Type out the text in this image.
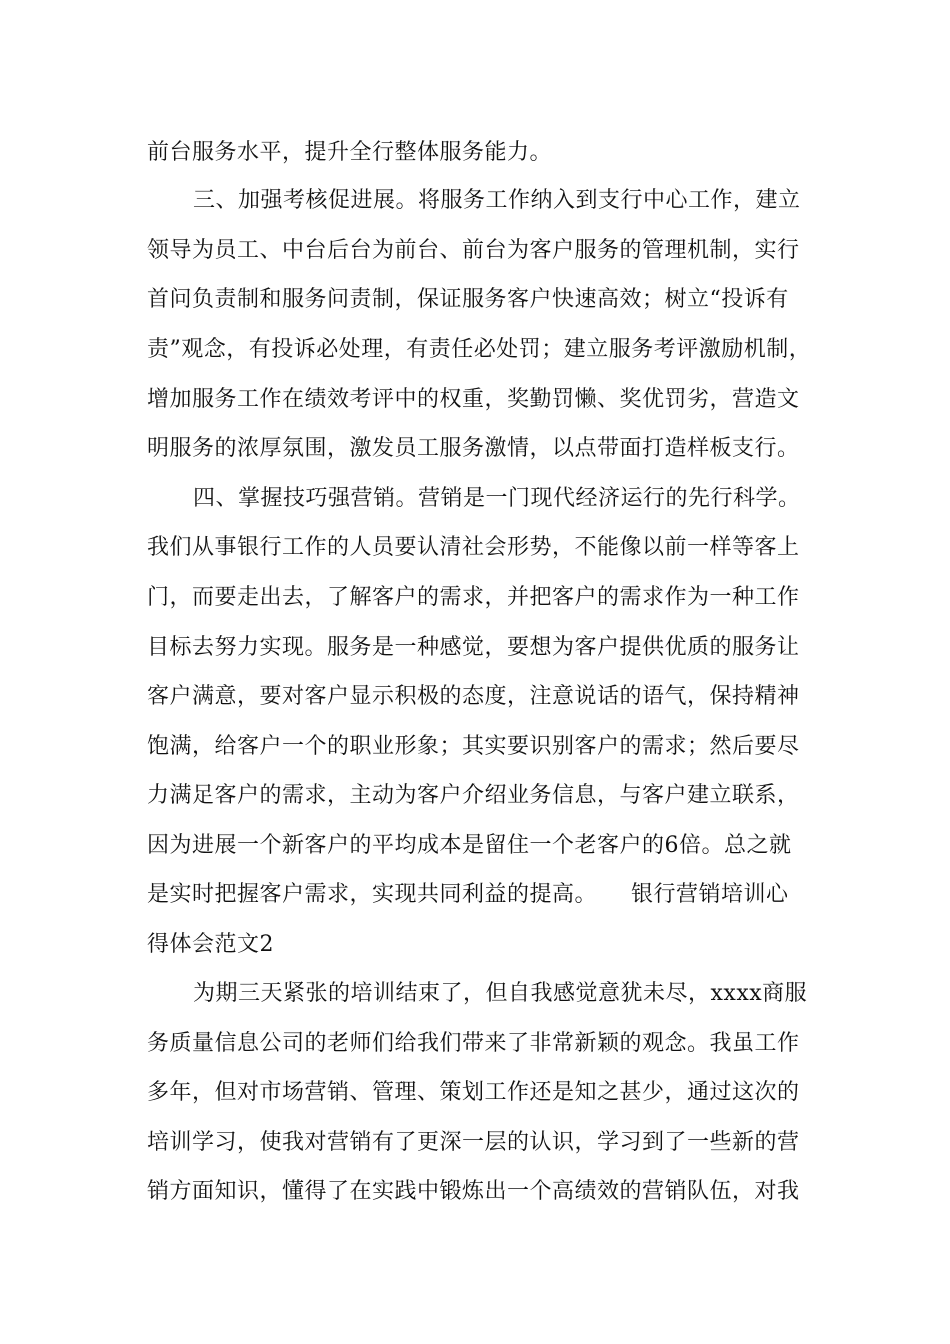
前台服务水平，提升全行整体服务能力。
三、加强考核促进展。将服务工作纳入到支行中心工作，建立
领导为员工、中台后台为前台、前台为客户服务的管理机制，实行
首问负责制和服务问责制，保证服务客户快速高效；树立“投诉有
责”观念，有投诉必处理，有责任必处罚；建立服务考评激励机制，
增加服务工作在绩效考评中的权重，奖勤罚懒、奖优罚劣，营造文
明服务的浓厚氛围，激发员工服务激情，以点带面打造样板支行。
四、掌握技巧强营销。营销是一门现代经济运行的先行科学。
我们从事银行工作的人员要认清社会形势，不能像以前一样等客上
门，而要走出去，了解客户的需求，并把客户的需求作为一种工作
目标去努力实现。服务是一种感觉，要想为客户提供优质的服务让
客户满意，要对客户显示积极的态度，注意说话的语气，保持精神
饱满，给客户一个的职业形象；其实要识别客户的需求；然后要尽
力满足客户的需求，主动为客户介绍业务信息，与客户建立联系，
因为进展一个新客户的平均成本是留住一个老客户的6倍。总之就
是实时把握客户需求，实现共同利益的提高。　　银行营销培训心
得体会范文2
为期三天紧张的培训结束了，但自我感觉意犹未尽，xxxx商服
务质量信息公司的老师们给我们带来了非常新颖的观念。我虽工作
多年，但对市场营销、管理、策划工作还是知之甚少，通过这次的
培训学习，使我对营销有了更深一层的认识，学习到了一些新的营
销方面知识，懂得了在实践中锻炼出一个高绩效的营销队伍，对我
